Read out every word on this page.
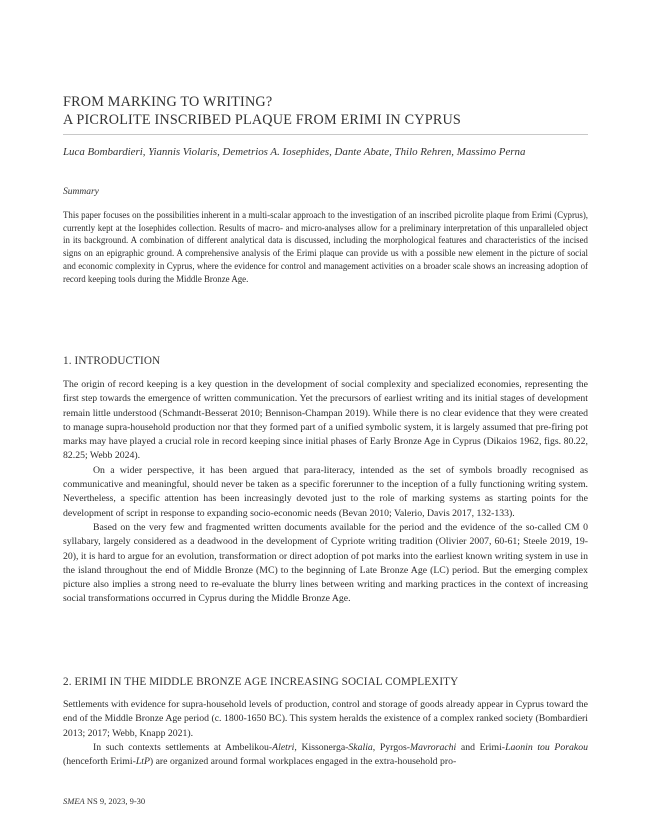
FROM MARKING TO WRITING?
A PICROLITE INSCRIBED PLAQUE FROM ERIMI IN CYPRUS
Luca Bombardieri, Yiannis Violaris, Demetrios A. Iosephides, Dante Abate, Thilo Rehren, Massimo Perna
Summary

This paper focuses on the possibilities inherent in a multi-scalar approach to the investigation of an inscribed picrolite plaque from Erimi (Cyprus), currently kept at the Iosephides collection. Results of macro- and micro-analyses allow for a preliminary interpretation of this unparalleled object in its background. A combination of different analytical data is discussed, including the morphological features and characteristics of the incised signs on an epigraphic ground. A comprehensive analysis of the Erimi plaque can provide us with a possible new element in the picture of social and economic complexity in Cyprus, where the evidence for control and management activities on a broader scale shows an increasing adoption of record keeping tools during the Middle Bronze Age.

1. INTRODUCTION

The origin of record keeping is a key question in the development of social complexity and specialized economies, representing the first step towards the emergence of written communication. Yet the precursors of earliest writing and its initial stages of development remain little understood (Schmandt-Besserat 2010; Bennison-Champan 2019). While there is no clear evidence that they were created to manage supra-household production nor that they formed part of a unified symbolic system, it is largely assumed that pre-firing pot marks may have played a crucial role in record keeping since initial phases of Early Bronze Age in Cyprus (Dikaios 1962, figs. 80.22, 82.25; Webb 2024).

On a wider perspective, it has been argued that para-literacy, intended as the set of symbols broadly recognised as communicative and meaningful, should never be taken as a specific forerunner to the inception of a fully functioning writing system. Nevertheless, a specific attention has been increasingly devoted just to the role of marking systems as starting points for the development of script in response to expanding socio-economic needs (Bevan 2010; Valerio, Davis 2017, 132-133).

Based on the very few and fragmented written documents available for the period and the evidence of the so-called CM 0 syllabary, largely considered as a deadwood in the development of Cypriote writing tradition (Olivier 2007, 60-61; Steele 2019, 19-20), it is hard to argue for an evolution, transformation or direct adoption of pot marks into the earliest known writing system in use in the island throughout the end of Middle Bronze (MC) to the beginning of Late Bronze Age (LC) period. But the emerging complex picture also implies a strong need to re-evaluate the blurry lines between writing and marking practices in the context of increasing social transformations occurred in Cyprus during the Middle Bronze Age.

2. ERIMI IN THE MIDDLE BRONZE AGE INCREASING SOCIAL COMPLEXITY

Settlements with evidence for supra-household levels of production, control and storage of goods already appear in Cyprus toward the end of the Middle Bronze Age period (c. 1800-1650 BC). This system heralds the existence of a complex ranked society (Bombardieri 2013; 2017; Webb, Knapp 2021).

In such contexts settlements at Ambelikou-Aletri, Kissonerga-Skalia, Pyrgos-Mavrorachi and Erimi-Laonin tou Porakou (henceforth Erimi-LtP) are organized around formal workplaces engaged in the extra-household pro-

SMEA NS 9, 2023, 9-30
